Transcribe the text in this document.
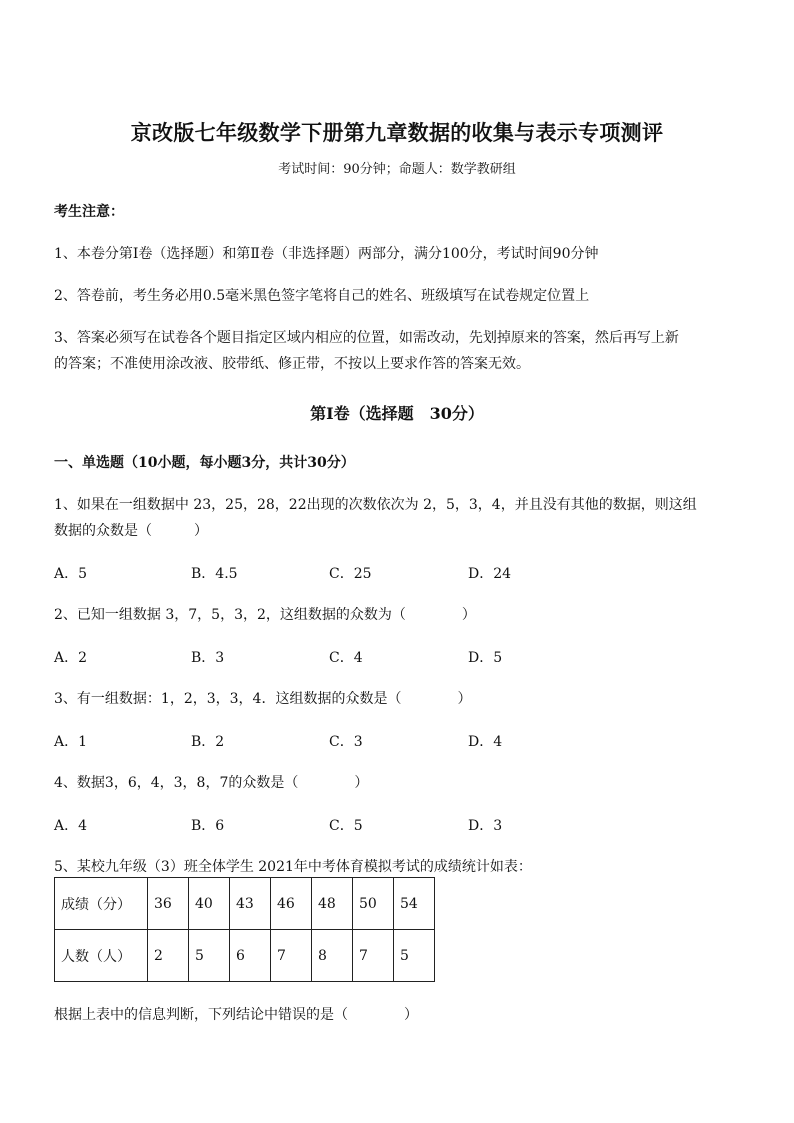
京改版七年级数学下册第九章数据的收集与表示专项测评
考试时间：90分钟；命题人：数学教研组
考生注意：
1、本卷分第Ⅰ卷（选择题）和第Ⅱ卷（非选择题）两部分，满分100分，考试时间90分钟
2、答卷前，考生务必用0.5毫米黑色签字笔将自己的姓名、班级填写在试卷规定位置上
3、答案必须写在试卷各个题目指定区域内相应的位置，如需改动，先划掉原来的答案，然后再写上新
的答案；不准使用涂改液、胶带纸、修正带，不按以上要求作答的答案无效。
第Ⅰ卷（选择题　30分）
一、单选题（10小题，每小题3分，共计30分）
1、如果在一组数据中 23，25，28，22出现的次数依次为 2，5，3，4，并且没有其他的数据，则这组
数据的众数是（　　　）
A．5	B．4.5	C．25	D．24
2、已知一组数据 3，7，5，3，2，这组数据的众数为（　　　　）
A．2	B．3	C．4	D．5
3、有一组数据：1，2，3，3，4．这组数据的众数是（　　　　）
A．1	B．2	C．3	D．4
4、数据3，6，4，3，8，7的众数是（　　　　）
A．4	B．6	C．5	D．3
5、某校九年级（3）班全体学生 2021年中考体育模拟考试的成绩统计如表：
成绩（分）	36	40	43	46	48	50	54
人数（人）	2	5	6	7	8	7	5
根据上表中的信息判断，下列结论中错误的是（　　　　）
